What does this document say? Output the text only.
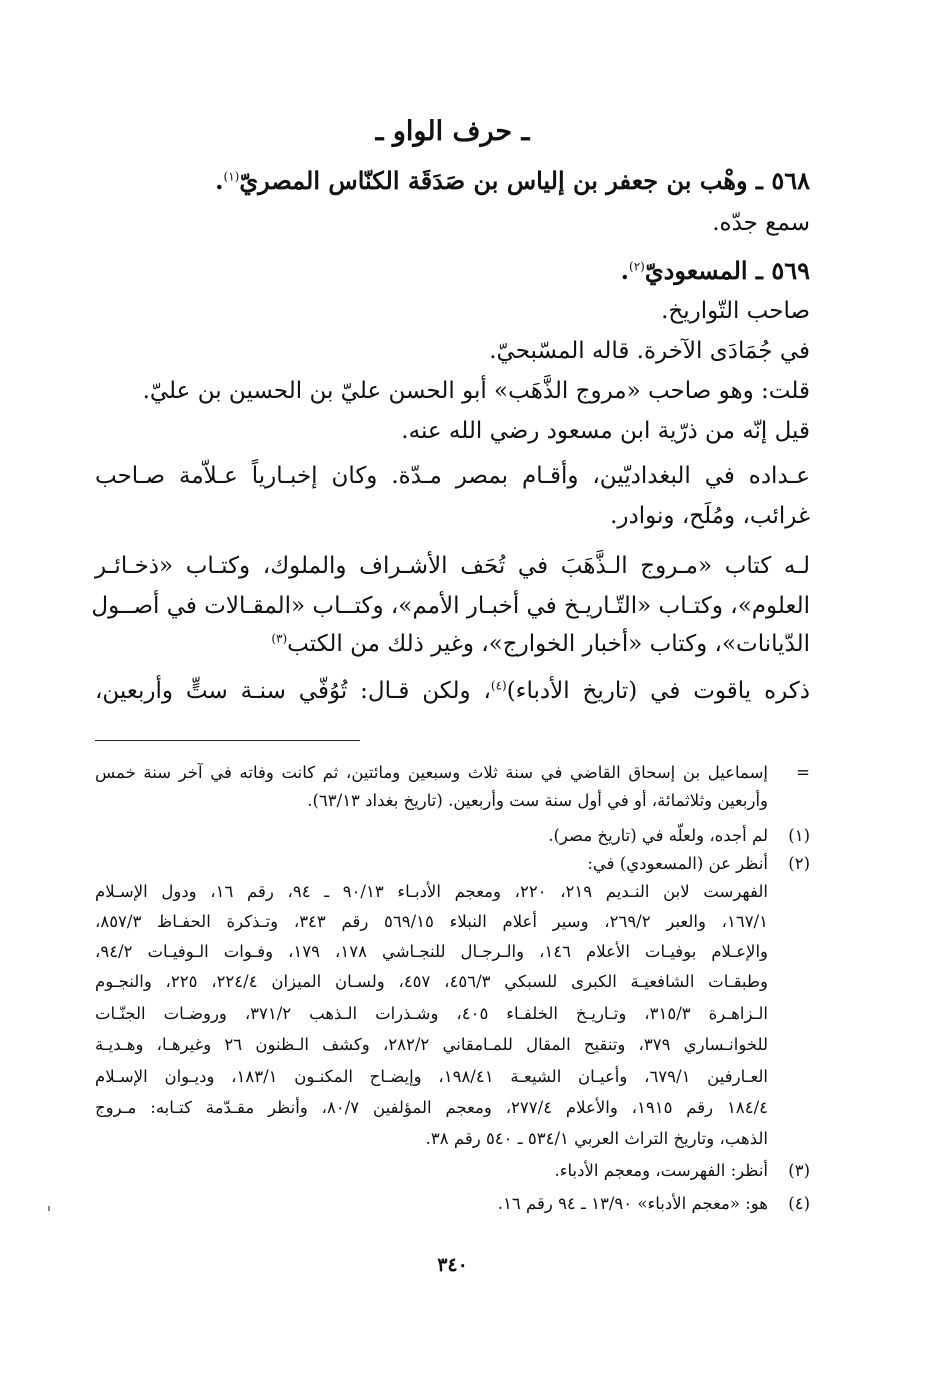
ـ حرف الواو ـ
٥٦٨ ـ وهْب بن جعفر بن إلياس بن صَدَقَة الكنّاس المصريّ$^{(١)}$.
سمع جدّه.
٥٦٩ ـ المسعوديّ$^{(٢)}$.
صاحب التّواريخ.
في جُمَادَى الآخرة. قاله المسّبحيّ.
قلت: وهو صاحب «مروج الذَّهَب» أبو الحسن عليّ بن الحسين بن عليّ.
قيل إنّه من ذرّية ابن مسعود رضي الله عنه.
عـداده في البغداديّين، وأقـام بمصر مـدّة. وكان إخبـارياً عـلاّمة صـاحب
غرائب، ومُلَح، ونوادر.
لـه كتاب «مـروج الـذَّهَبَ في تُحَف الأشـراف والملوك، وكتـاب «ذخـائـر
العلوم»، وكتـاب «التّـاريـخ في أخبـار الأمم»، وكتــاب «المقـالات في أصــول
الدّيانات»، وكتاب «أخبار الخوارج»، وغير ذلك من الكتب$^{(٣)}$
ذكره ياقوت في (تاريخ الأدباء)$^{(٤)}$، ولكن قـال: تُوُفّي سنـة ستٍّ وأربعين،
=إسماعيل بن إسحاق القاضي في سنة ثلاث وسبعين ومائتين، ثم كانت وفاته في آخر سنة خمس
وأربعين وثلاثمائة، أو في أول سنة ست وأربعين. (تاريخ بغداد ٦٣/١٣).
(١)لم أجده، ولعلّه في (تاريخ مصر).
(٢)أنظر عن (المسعودي) في:
الفهرست لابن النـديم ٢١٩، ٢٢٠، ومعجم الأدبـاء ٩٠/١٣ ـ ٩٤، رقم ١٦، ودول الإسـلام
١٦٧/١، والعبر ٢٦٩/٢، وسير أعلام النبلاء ٥٦٩/١٥ رقم ٣٤٣، وتـذكرة الحفـاظ ٨٥٧/٣،
والإعـلام بوفيـات الأعلام ١٤٦، والـرجـال للنجـاشي ١٧٨، ١٧٩، وفـوات الـوفيـات ٩٤/٢،
وطبقـات الشافعيـة الكبرى للسبكي ٤٥٦/٣، ٤٥٧، ولسـان الميزان ٢٢٤/٤، ٢٢٥، والنجـوم
الـزاهـرة ٣١٥/٣، وتـاريـخ الخلفـاء ٤٠٥، وشـذرات الـذهب ٣٧١/٢، وروضـات الجنّـات
للخوانـساري ٣٧٩، وتنقيح المقال للمـامقاني ٢٨٢/٢، وكشف الـظنون ٢٦ وغيرهـا، وهـديـة
العـارفين ٦٧٩/١، وأعيـان الشيعـة ١٩٨/٤١، وإيضـاح المكنـون ١٨٣/١، وديـوان الإسـلام
١٨٤/٤ رقم ١٩١٥، والأعلام ٢٧٧/٤، ومعجم المؤلفين ٨٠/٧، وأنظر مقـدّمة كتـابه: مـروج
الذهب، وتاريخ التراث العربي ٥٣٤/١ ـ ٥٤٠ رقم ٣٨.
(٣)أنظر: الفهرست، ومعجم الأدباء.
(٤)هو: «معجم الأدباء» ١٣/٩٠ ـ ٩٤ رقم ١٦.
٣٤٠
